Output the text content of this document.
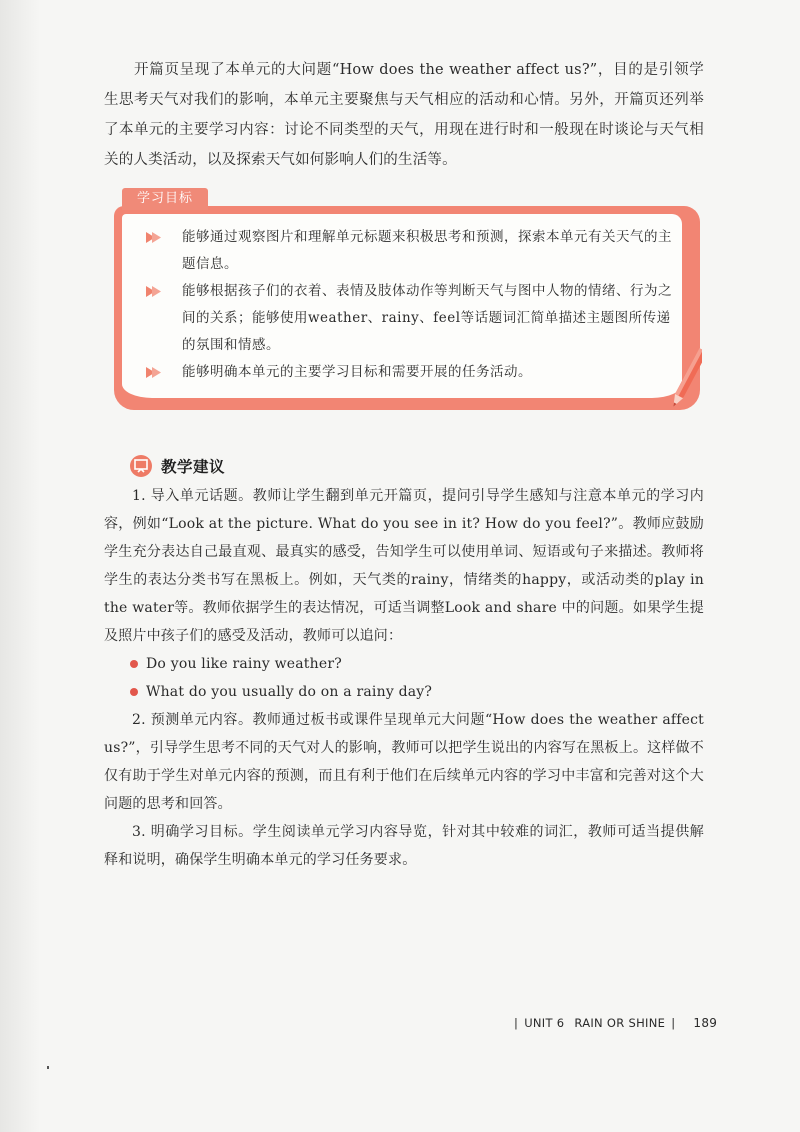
开篇页呈现了本单元的大问题“How does the weather affect us?”，目的是引领学生思考天气对我们的影响，本单元主要聚焦与天气相应的活动和心情。另外，开篇页还列举了本单元的主要学习内容：讨论不同类型的天气，用现在进行时和一般现在时谈论与天气相关的人类活动，以及探索天气如何影响人们的生活等。

能够通过观察图片和理解单元标题来积极思考和预测，探索本单元有关天气的主题信息。
能够根据孩子们的衣着、表情及肢体动作等判断天气与图中人物的情绪、行为之间的关系；能够使用weather、rainy、feel等话题词汇简单描述主题图所传递的氛围和情感。
能够明确本单元的主要学习目标和需要开展的任务活动。
学习目标
教学建议

1. 导入单元话题。教师让学生翻到单元开篇页，提问引导学生感知与注意本单元的学习内容，例如“Look at the picture. What do you see in it? How do you feel?”。教师应鼓励学生充分表达自己最直观、最真实的感受，告知学生可以使用单词、短语或句子来描述。教师将学生的表达分类书写在黑板上。例如，天气类的rainy，情绪类的happy，或活动类的play in the water等。教师依据学生的表达情况，可适当调整Look and share 中的问题。如果学生提及照片中孩子们的感受及活动，教师可以追问：

Do you like rainy weather?
What do you usually do on a rainy day?

2. 预测单元内容。教师通过板书或课件呈现单元大问题“How does the weather affect us?”，引导学生思考不同的天气对人的影响，教师可以把学生说出的内容写在黑板上。这样做不仅有助于学生对单元内容的预测，而且有利于他们在后续单元内容的学习中丰富和完善对这个大问题的思考和回答。

3. 明确学习目标。学生阅读单元学习内容导览，针对其中较难的词汇，教师可适当提供解释和说明，确保学生明确本单元的学习任务要求。

| UNIT 6 RAIN OR SHINE | 189
